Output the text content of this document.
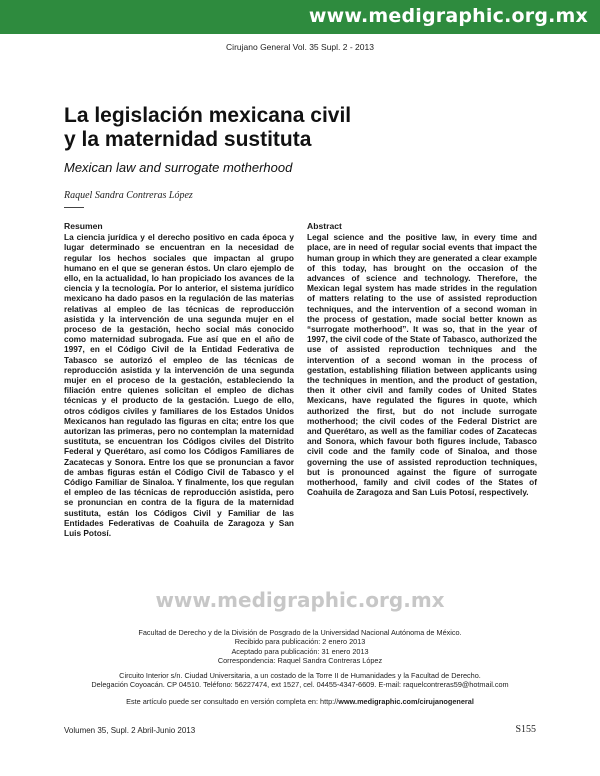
www.medigraphic.org.mx
Cirujano General Vol. 35 Supl. 2 - 2013
La legislación mexicana civil
y la maternidad sustituta
Mexican law and surrogate motherhood
Raquel Sandra Contreras López
Resumen

La ciencia jurídica y el derecho positivo en cada época y lugar determinado se encuentran en la necesidad de regular los hechos sociales que impactan al grupo humano en el que se generan éstos. Un claro ejemplo de ello, en la actualidad, lo han propiciado los avances de la ciencia y la tecnología. Por lo anterior, el sistema jurídico mexicano ha dado pasos en la regulación de las materias relativas al empleo de las técnicas de reproducción asistida y la intervención de una segunda mujer en el proceso de la gestación, hecho social más conocido como maternidad subrogada. Fue así que en el año de 1997, en el Código Civil de la Entidad Federativa de Tabasco se autorizó el empleo de las técnicas de reproducción asistida y la intervención de una segunda mujer en el proceso de la gestación, estableciendo la filiación entre quienes solicitan el empleo de dichas técnicas y el producto de la gestación. Luego de ello, otros códigos civiles y familiares de los Estados Unidos Mexicanos han regulado las figuras en cita; entre los que autorizan las primeras, pero no contemplan la maternidad sustituta, se encuentran los Códigos civiles del Distrito Federal y Querétaro, así como los Códigos Familiares de Zacatecas y Sonora. Entre los que se pronuncian a favor de ambas figuras están el Código Civil de Tabasco y el Código Familiar de Sinaloa. Y finalmente, los que regulan el empleo de las técnicas de reproducción asistida, pero se pronuncian en contra de la figura de la maternidad sustituta, están los Códigos Civil y Familiar de las Entidades Federativas de Coahuila de Zaragoza y San Luis Potosí.

Abstract

Legal science and the positive law, in every time and place, are in need of regular social events that impact the human group in which they are generated a clear example of this today, has brought on the occasion of the advances of science and technology. Therefore, the Mexican legal system has made strides in the regulation of matters relating to the use of assisted reproduction techniques, and the intervention of a second woman in the process of gestation, made social better known as “surrogate motherhood”. It was so, that in the year of 1997, the civil code of the State of Tabasco, authorized the use of assisted reproduction techniques and the intervention of a second woman in the process of gestation, establishing filiation between applicants using the techniques in mention, and the product of gestation, then it other civil and family codes of United States Mexicans, have regulated the figures in quote, which authorized the first, but do not include surrogate motherhood; the civil codes of the Federal District are and Querétaro, as well as the familiar codes of Zacatecas and Sonora, which favour both figures include, Tabasco civil code and the family code of Sinaloa, and those governing the use of assisted reproduction techniques, but is pronounced against the figure of surrogate motherhood, family and civil codes of the States of Coahuila de Zaragoza and San Luis Potosí, respectively.

www.medigraphic.org.mx
Facultad de Derecho y de la División de Posgrado de la Universidad Nacional Autónoma de México.
Recibido para publicación: 2 enero 2013
Aceptado para publicación: 31 enero 2013
Correspondencia: Raquel Sandra Contreras López
Circuito Interior s/n. Ciudad Universitaria, a un costado de la Torre II de Humanidades y la Facultad de Derecho.
Delegación Coyoacán. CP 04510. Teléfono: 56227474, ext 1527, cel. 04455-4347-6609. E-mail: raquelcontreras59@hotmail.com
Este artículo puede ser consultado en versión completa en: http://www.medigraphic.com/cirujanogeneral
Volumen 35, Supl. 2 Abril-Junio 2013	S155
